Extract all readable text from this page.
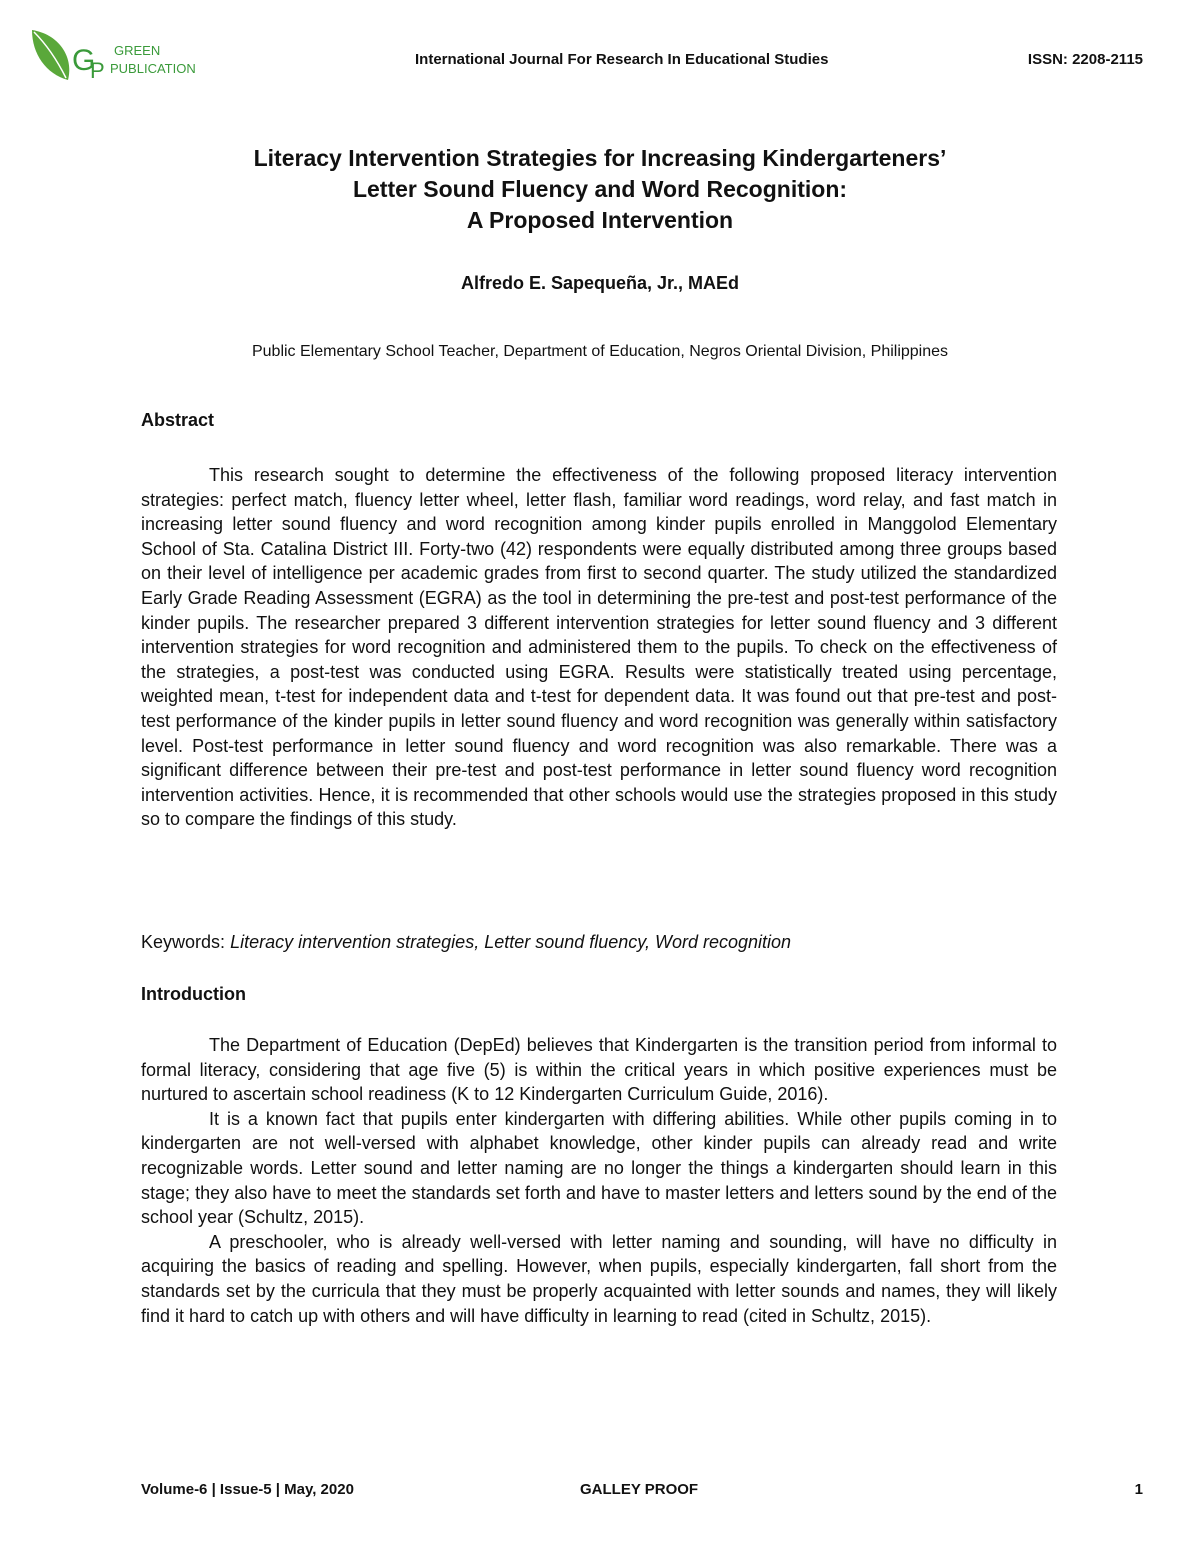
G
P
GREEN
PUBLICATION
International Journal For Research In Educational Studies	ISSN: 2208-2115
Literacy Intervention Strategies for Increasing Kindergarteners’
Letter Sound Fluency and Word Recognition:
A Proposed Intervention
Alfredo E. Sapequeña, Jr., MAEd
Public Elementary School Teacher, Department of Education, Negros Oriental Division, Philippines
Abstract

This research sought to determine the effectiveness of the following proposed literacy intervention strategies: perfect match, fluency letter wheel, letter flash, familiar word readings, word relay, and fast match in increasing letter sound fluency and word recognition among kinder pupils enrolled in Manggolod Elementary School of Sta. Catalina District III. Forty-two (42) respondents were equally distributed among three groups based on their level of intelligence per academic grades from first to second quarter. The study utilized the standardized Early Grade Reading Assessment (EGRA) as the tool in determining the pre-test and post-test performance of the kinder pupils. The researcher prepared 3 different intervention strategies for letter sound fluency and 3 different intervention strategies for word recognition and administered them to the pupils. To check on the effectiveness of the strategies, a post-test was conducted using EGRA. Results were statistically treated using percentage, weighted mean, t-test for independent data and t-test for dependent data. It was found out that pre-test and post-test performance of the kinder pupils in letter sound fluency and word recognition was generally within satisfactory level. Post-test performance in letter sound fluency and word recognition was also remarkable. There was a significant difference between their pre-test and post-test performance in letter sound fluency word recognition intervention activities. Hence, it is recommended that other schools would use the strategies proposed in this study so to compare the findings of this study.

Keywords: Literacy intervention strategies, Letter sound fluency, Word recognition
Introduction

The Department of Education (DepEd) believes that Kindergarten is the transition period from informal to formal literacy, considering that age five (5) is within the critical years in which positive experiences must be nurtured to ascertain school readiness (K to 12 Kindergarten Curriculum Guide, 2016).

It is a known fact that pupils enter kindergarten with differing abilities. While other pupils coming in to kindergarten are not well-versed with alphabet knowledge, other kinder pupils can already read and write recognizable words. Letter sound and letter naming are no longer the things a kindergarten should learn in this stage; they also have to meet the standards set forth and have to master letters and letters sound by the end of the school year (Schultz, 2015).

A preschooler, who is already well-versed with letter naming and sounding, will have no difficulty in acquiring the basics of reading and spelling. However, when pupils, especially kindergarten, fall short from the standards set by the curricula that they must be properly acquainted with letter sounds and names, they will likely find it hard to catch up with others and will have difficulty in learning to read (cited in Schultz, 2015).

Volume-6 | Issue-5 | May, 2020	GALLEY PROOF	1
